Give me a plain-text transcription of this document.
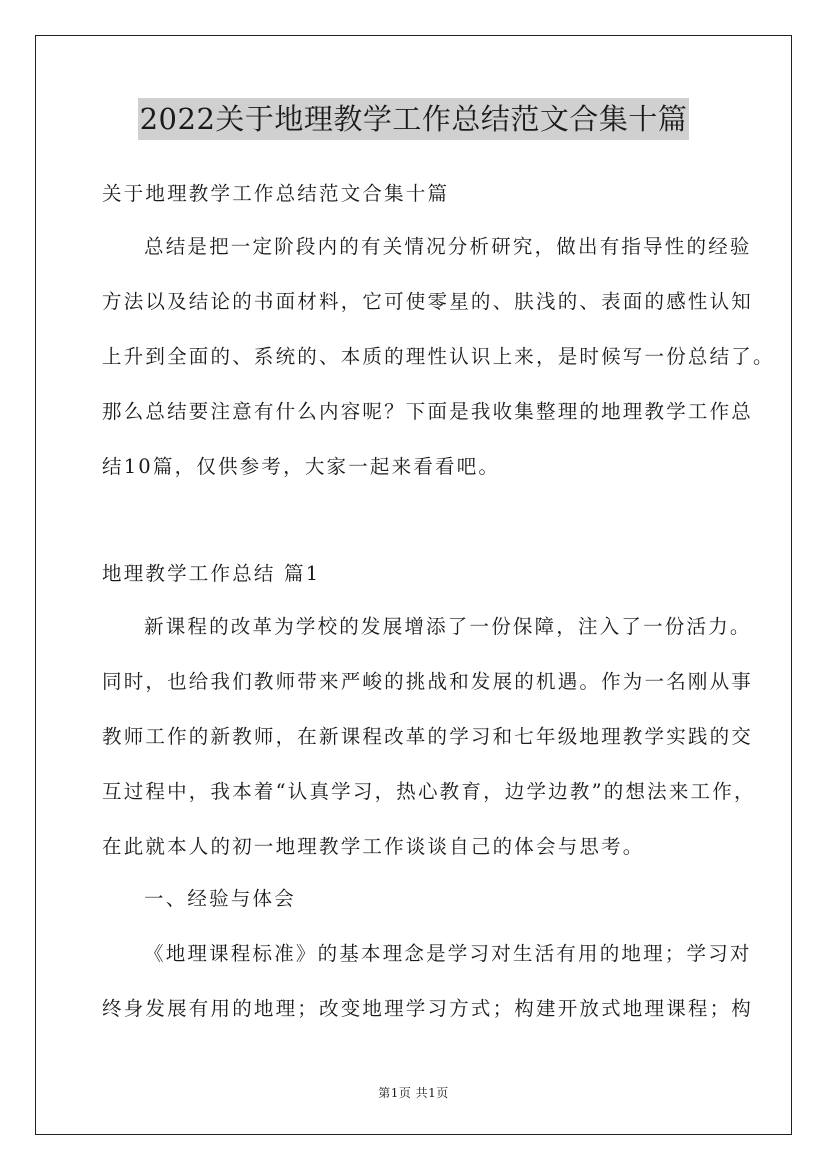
2022关于地理教学工作总结范文合集十篇
关于地理教学工作总结范文合集十篇
总结是把一定阶段内的有关情况分析研究，做出有指导性的经验
方法以及结论的书面材料，它可使零星的、肤浅的、表面的感性认知
上升到全面的、系统的、本质的理性认识上来，是时候写一份总结了。
那么总结要注意有什么内容呢？下面是我收集整理的地理教学工作总
结10篇，仅供参考，大家一起来看看吧。
地理教学工作总结 篇1
新课程的改革为学校的发展增添了一份保障，注入了一份活力。
同时，也给我们教师带来严峻的挑战和发展的机遇。作为一名刚从事
教师工作的新教师，在新课程改革的学习和七年级地理教学实践的交
互过程中，我本着“认真学习，热心教育，边学边教”的想法来工作，
在此就本人的初一地理教学工作谈谈自己的体会与思考。
一、经验与体会
《地理课程标准》的基本理念是学习对生活有用的地理；学习对
终身发展有用的地理；改变地理学习方式；构建开放式地理课程；构
第1页 共1页
